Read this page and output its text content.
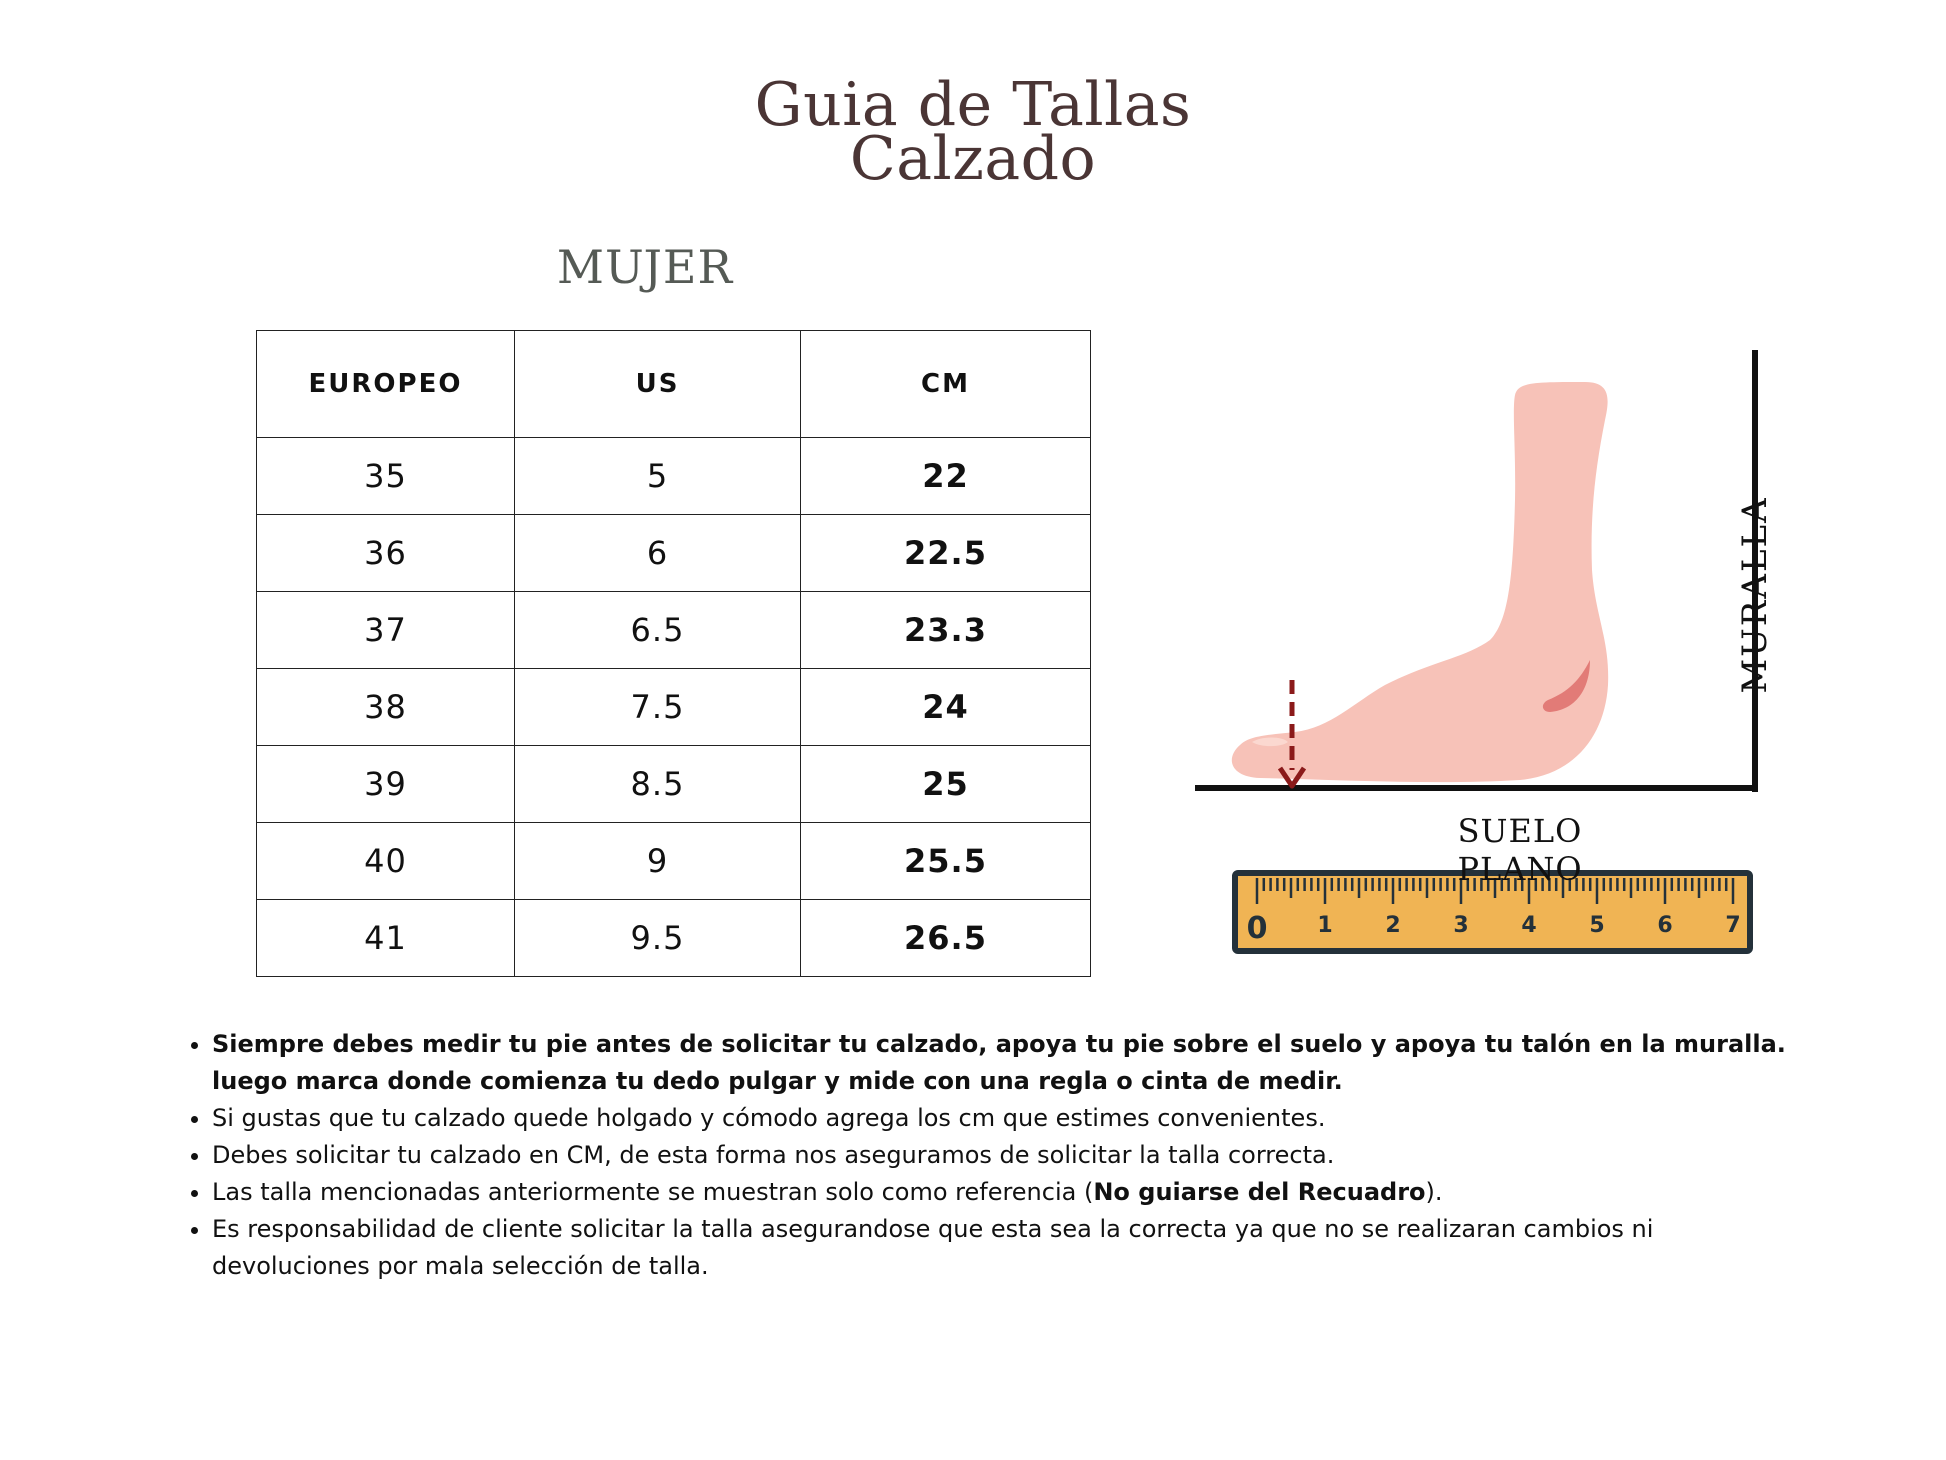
Guia de Tallas
Calzado
MUJER
EUROPEO	US	CM
35	5	22
36	6	22.5
37	6.5	23.3
38	7.5	24
39	8.5	25
40	9	25.5
41	9.5	26.5	0 1 2 3 4 5 6 7
MURALLA
SUELO PLANO
• Siempre debes medir tu pie antes de solicitar tu calzado, apoya tu pie sobre el suelo y apoya tu talón en la muralla. luego marca donde comienza tu dedo pulgar y mide con una regla o cinta de medir.
• Si gustas que tu calzado quede holgado y cómodo agrega los cm que estimes convenientes.
• Debes solicitar tu calzado en CM, de esta forma nos aseguramos de solicitar la talla correcta.
• Las talla mencionadas anteriormente se muestran solo como referencia (No guiarse del Recuadro).
• Es responsabilidad de cliente solicitar la talla asegurandose que esta sea la correcta ya que no se realizaran cambios ni devoluciones por mala selección de talla.
